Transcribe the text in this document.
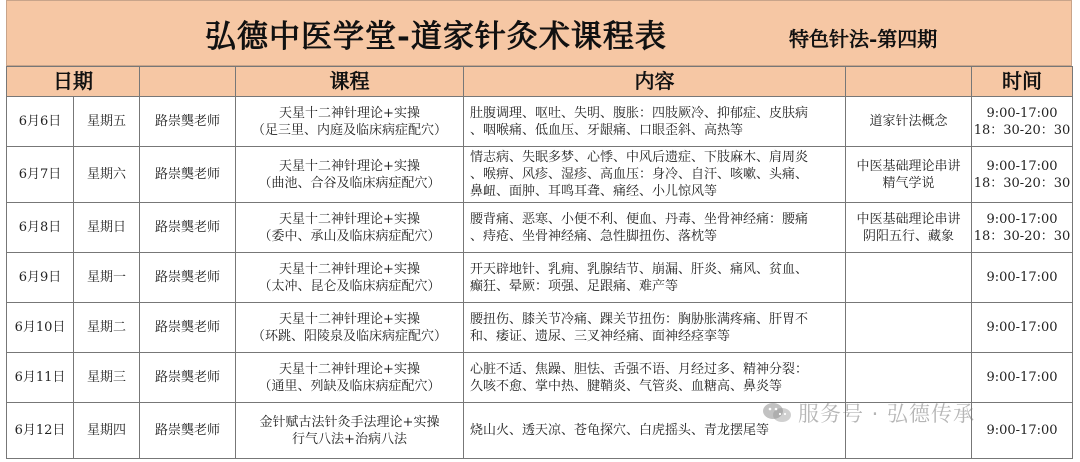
弘德中医学堂-道家针灸术课程表	特色针法-第四期
日期			课程	内容		时间

6月6日	星期五	路崇龑老师	天星十二神针理论+实操
（足三里、内庭及临床病症配穴）	肚腹调理、呕吐、失明、腹胀：四肢厥冷、抑郁症、皮肤病
、咽喉痛、低血压、牙龈痛、口眼歪斜、高热等	道家针法概念	9:00-17:00
18：30-20：30

6月7日	星期六	路崇龑老师	天星十二神针理论+实操
（曲池、合谷及临床病症配穴）	情志病、失眠多梦、心悸、中风后遗症、下肢麻木、肩周炎
、喉痹、风疹、湿疹、高血压：身冷、自汗、咳嗽、头痛、
鼻衄、面肿、耳鸣耳聋、痛经、小儿惊风等	中医基础理论串讲
精气学说	9:00-17:00
18：30-20：30

6月8日	星期日	路崇龑老师	天星十二神针理论+实操
（委中、承山及临床病症配穴）	腰背痛、恶寒、小便不利、便血、丹毒、坐骨神经痛：腰痛
、痔疮、坐骨神经痛、急性脚扭伤、落枕等	中医基础理论串讲
阴阳五行、藏象	9:00-17:00
18：30-20：30

6月9日	星期一	路崇龑老师	天星十二神针理论+实操
（太冲、昆仑及临床病症配穴）	开天辟地针、乳痈、乳腺结节、崩漏、肝炎、痛风、贫血、
癫狂、晕厥：项强、足跟痛、难产等		9:00-17:00

6月10日	星期二	路崇龑老师	天星十二神针理论+实操
（环跳、阳陵泉及临床病症配穴）	腰扭伤、膝关节冷痛、踝关节扭伤：胸胁胀满疼痛、肝胃不
和、痿证、遗尿、三叉神经痛、面神经痉挛等		9:00-17:00

6月11日	星期三	路崇龑老师	天星十二神针理论+实操
（通里、列缺及临床病症配穴）	心脏不适、焦躁、胆怯、舌强不语、月经过多、精神分裂：
久咳不愈、掌中热、腱鞘炎、气管炎、血糖高、鼻炎等		9:00-17:00

6月12日	星期四	路崇龑老师	金针赋古法针灸手法理论+实操
行气八法+治病八法	烧山火、透天凉、苍龟探穴、白虎摇头、青龙摆尾等		9:00-17:00
服务号 · 弘德传承
